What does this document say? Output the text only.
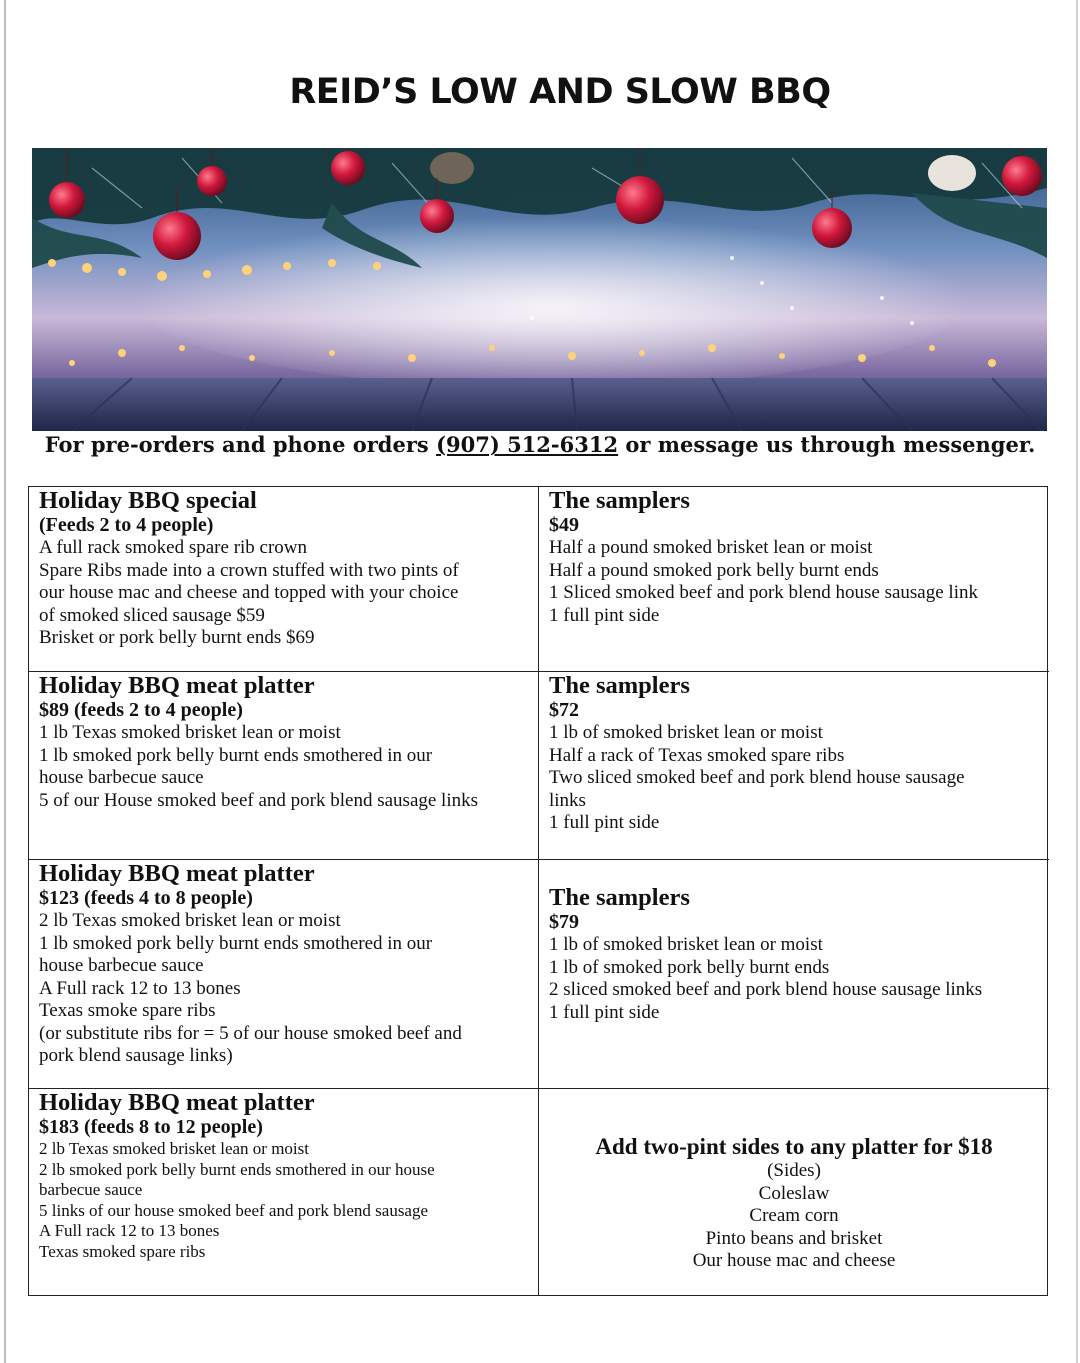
REID’S LOW AND SLOW BBQ
For pre-orders and phone orders (907) 512-6312 or message us through messenger.
Holiday BBQ special
(Feeds 2 to 4 people)
A full rack smoked spare rib crown
Spare Ribs made into a crown stuffed with two pints of
our house mac and cheese and topped with your choice
of smoked sliced sausage $59
Brisket or pork belly burnt ends $69
The samplers
$49
Half a pound smoked brisket lean or moist
Half a pound smoked pork belly burnt ends
1 Sliced smoked beef and pork blend house sausage link
1 full pint side
Holiday BBQ meat platter
$89 (feeds 2 to 4 people)
1 lb Texas smoked brisket lean or moist
1 lb smoked pork belly burnt ends smothered in our
house barbecue sauce
5 of our House smoked beef and pork blend sausage links
The samplers
$72
1 lb of smoked brisket lean or moist
Half a rack of Texas smoked spare ribs
Two sliced smoked beef and pork blend house sausage
links
1 full pint side
Holiday BBQ meat platter
$123 (feeds 4 to 8 people)
2 lb Texas smoked brisket lean or moist
1 lb smoked pork belly burnt ends smothered in our
house barbecue sauce
A Full rack 12 to 13 bones
Texas smoke spare ribs
(or substitute ribs for = 5 of our house smoked beef and
pork blend sausage links)
The samplers
$79
1 lb of smoked brisket lean or moist
1 lb of smoked pork belly burnt ends
2 sliced smoked beef and pork blend house sausage links
1 full pint side
Holiday BBQ meat platter
$183 (feeds 8 to 12 people)
2 lb Texas smoked brisket lean or moist
2 lb smoked pork belly burnt ends smothered in our house
barbecue sauce
5 links of our house smoked beef and pork blend sausage
A Full rack 12 to 13 bones
Texas smoked spare ribs
Add two-pint sides to any platter for $18
(Sides)
Coleslaw
Cream corn
Pinto beans and brisket
Our house mac and cheese
